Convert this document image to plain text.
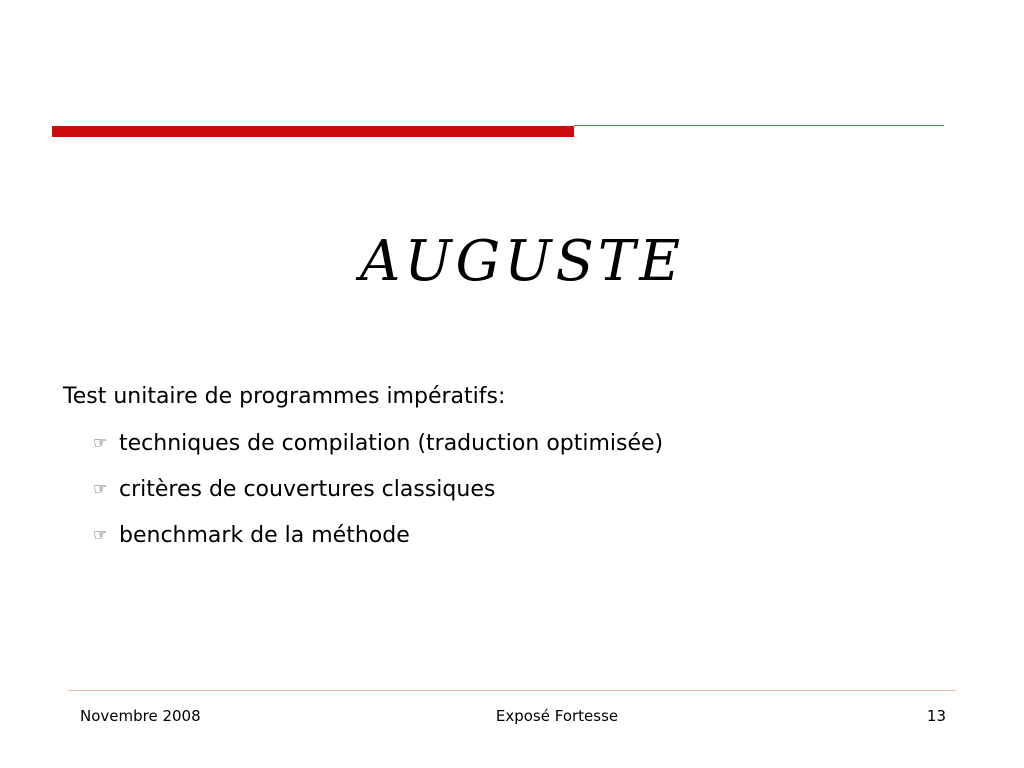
AUGUSTE
Test unitaire de programmes impératifs:
☞ techniques de compilation (traduction optimisée)
☞ critères de couvertures classiques
☞ benchmark de la méthode
Novembre 2008	Exposé Fortesse	13
